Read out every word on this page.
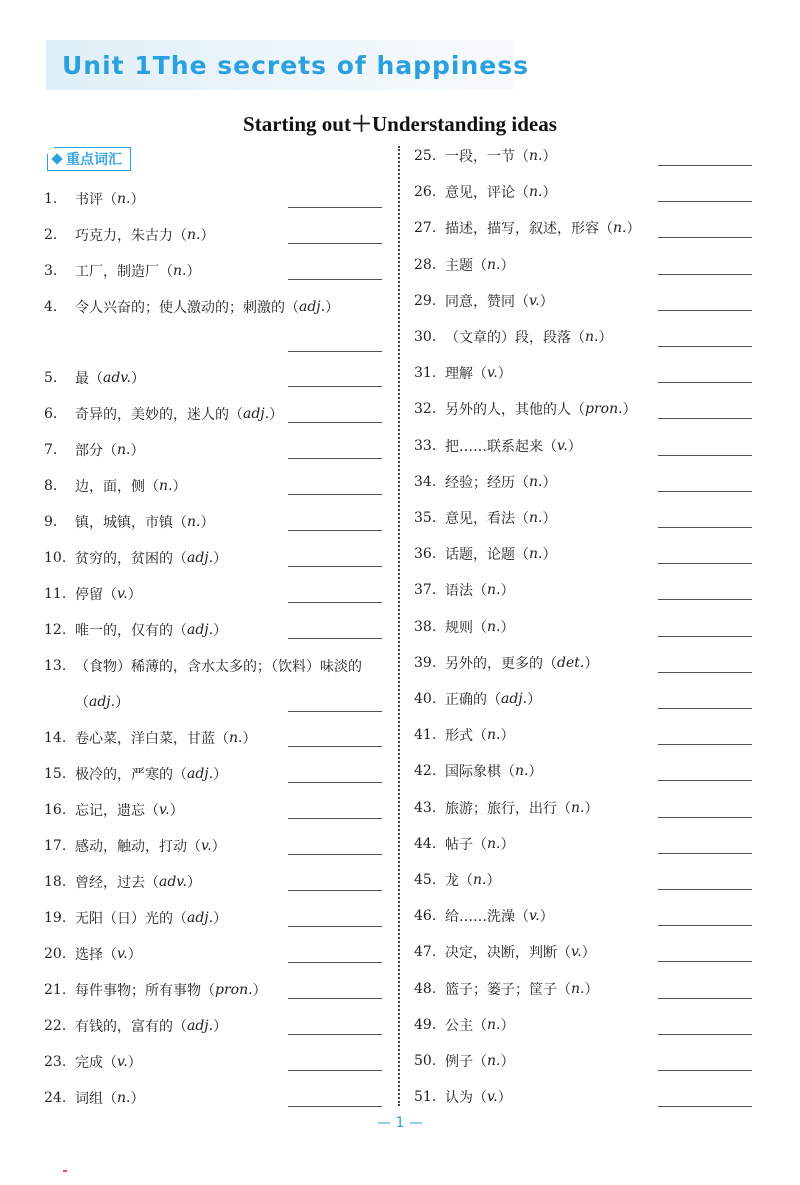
Unit 1 The secrets of happiness
Starting out＋Understanding ideas
重点词汇
1.	书评 （ n. ）
2.	巧克力，朱古力 （ n. ）
3.	工厂，制造厂 （ n. ）
4.	令人兴奋的；使人激动的；刺激的 （ adj. ）
5.	最 （ adv. ）
6.	奇异的，美妙的，迷人的 （ adj. ）
7.	部分 （ n. ）
8.	边，面，侧 （ n. ）
9.	镇，城镇，市镇 （ n. ）
10. 贫穷的，贫困的 （ adj. ）
11. 停留 （ v. ）
12. 唯一的，仅有的 （ adj. ）
13. （食物）稀薄的，含水太多的；（饮料）味淡的
（ adj. ）
14. 卷心菜，洋白菜，甘蓝 （ n. ）
15. 极冷的，严寒的 （ adj. ）
16. 忘记，遗忘 （ v. ）
17. 感动，触动，打动 （ v. ）
18. 曾经，过去 （ adv. ）
19. 无阳（日）光的 （ adj. ）
20. 选择 （ v. ）
21. 每件事物；所有事物 （ pron. ）
22. 有钱的，富有的 （ adj. ）
23. 完成 （ v. ）
24. 词组 （ n. ）
25. 一段，一节 （ n. ）
26. 意见，评论 （ n. ）
27. 描述，描写，叙述，形容 （ n. ）
28. 主题 （ n. ）
29. 同意，赞同 （ v. ）
30. （文章的）段，段落 （ n. ）
31. 理解 （ v. ）
32. 另外的人，其他的人 （ pron. ）
33. 把……联系起来 （ v. ）
34. 经验；经历 （ n. ）
35. 意见，看法 （ n. ）
36. 话题，论题 （ n. ）
37. 语法 （ n. ）
38. 规则 （ n. ）
39. 另外的，更多的 （ det. ）
40. 正确的 （ adj. ）
41. 形式 （ n. ）
42. 国际象棋 （ n. ）
43. 旅游；旅行，出行 （ n. ）
44. 帖子 （ n. ）
45. 龙 （ n. ）
46. 给……洗澡 （ v. ）
47. 决定，决断，判断 （ v. ）
48. 篮子；篓子；筐子 （ n. ）
49. 公主 （ n. ）
50. 例子 （ n. ）
51. 认为 （ v. ）
— 1 —
